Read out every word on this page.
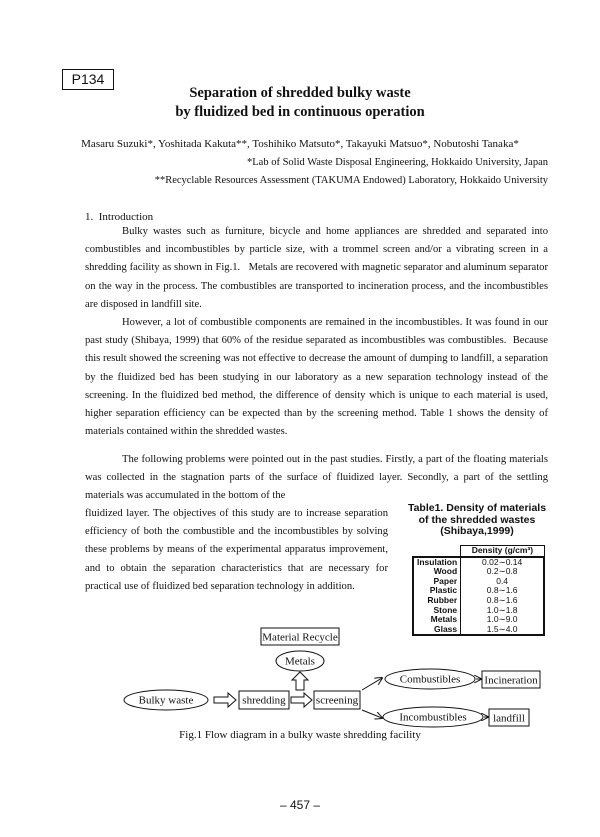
P134
Separation of shredded bulky waste
by fluidized bed in continuous operation
Masaru Suzuki*, Yoshitada Kakuta**, Toshihiko Matsuto*, Takayuki Matsuo*, Nobutoshi Tanaka*
*Lab of Solid Waste Disposal Engineering, Hokkaido University, Japan
**Recyclable Resources Assessment (TAKUMA Endowed) Laboratory, Hokkaido University
1.  Introduction
Bulky wastes such as furniture, bicycle and home appliances are shredded and separated into combustibles and incombustibles by particle size, with a trommel screen and/or a vibrating screen in a shredding facility as shown in Fig.1.   Metals are recovered with magnetic separator and aluminum separator on the way in the process. The combustibles are transported to incineration process, and the incombustibles are disposed in landfill site.
However, a lot of combustible components are remained in the incombustibles. It was found in our past study (Shibaya, 1999) that 60% of the residue separated as incombustibles was combustibles.  Because this result showed the screening was not effective to decrease the amount of dumping to landfill, a separation by the fluidized bed has been studying in our laboratory as a new separation technology instead of the screening. In the fluidized bed method, the difference of density which is unique to each material is used, higher separation efficiency can be expected than by the screening method. Table 1 shows the density of materials contained within the shredded wastes.
The following problems were pointed out in the past studies. Firstly, a part of the floating materials was collected in the stagnation parts of the surface of fluidized layer. Secondly, a part of the settling materials was accumulated in the bottom of the
fluidized layer. The objectives of this study are to increase separation efficiency of both the combustible and the incombustibles by solving these problems by means of the experimental apparatus improvement, and to obtain the separation characteristics that are necessary for practical use of fluidized bed separation technology in addition.
Table1. Density of materials
of the shredded wastes
(Shibaya,1999)
	Density (g/cm³)
Insulation	0.02∼0.14
Wood	0.2∼0.8
Paper	0.4
Plastic	0.8∼1.6
Rubber	0.8∼1.6
Stone	1.0∼1.8
Metals	1.0∼9.0
Glass	1.5∼4.0
Material Recycle
Metals
Bulky waste	shredding	screening
Combustibles Incineration
Incombustibles landfill
Fig.1 Flow diagram in a bulky waste shredding facility
– 457 –
